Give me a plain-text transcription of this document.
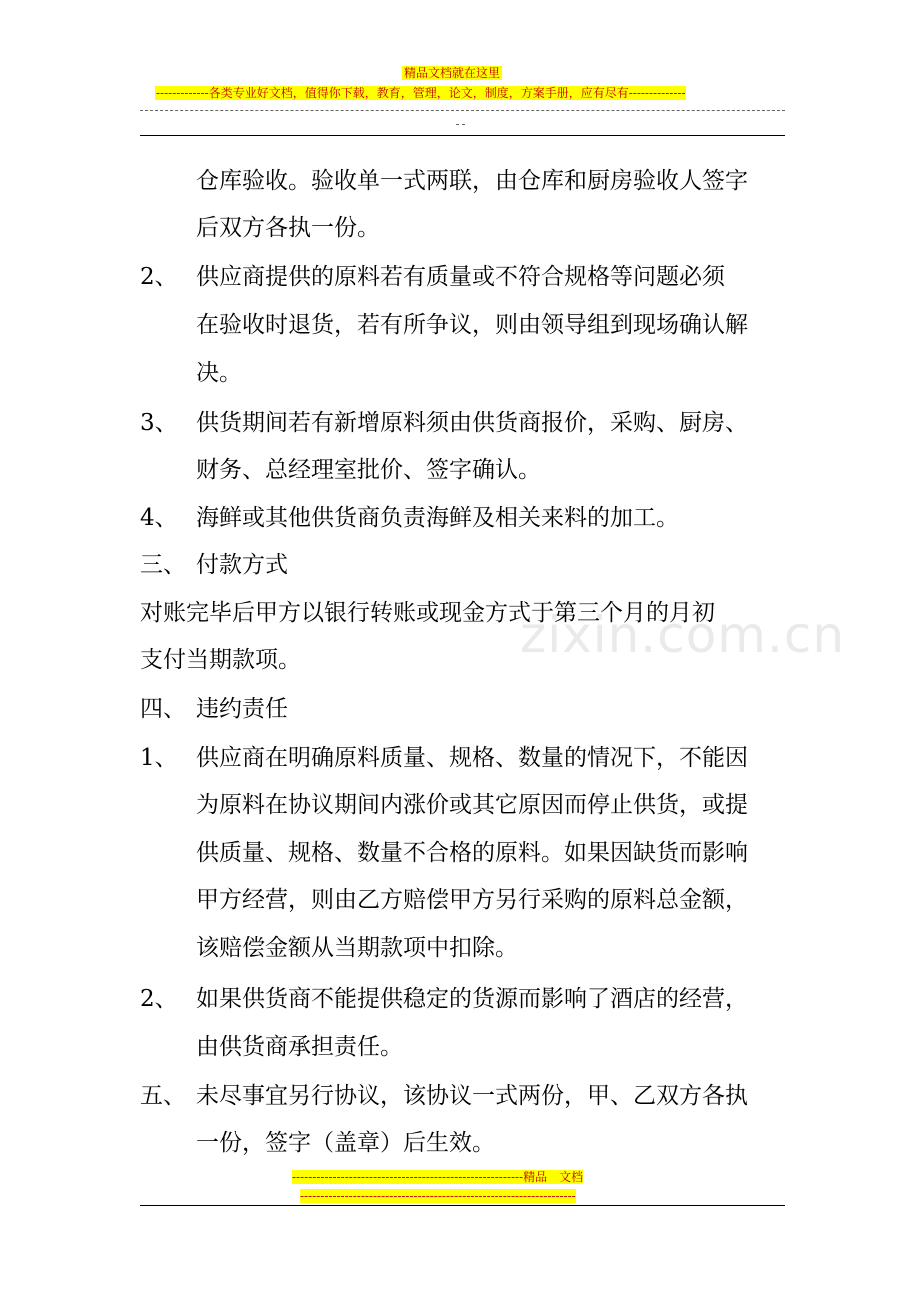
精品文档就在这里
-------------各类专业好文档，值得你下载，教育，管理，论文，制度，方案手册，应有尽有--------------
zixin.com.cn
仓库验收。验收单一式两联，由仓库和厨房验收人签字
后双方各执一份。
2、 供应商提供的原料若有质量或不符合规格等问题必须
在验收时退货，若有所争议，则由领导组到现场确认解
决。
3、 供货期间若有新增原料须由供货商报价，采购、厨房、
财务、总经理室批价、签字确认。
4、 海鲜或其他供货商负责海鲜及相关来料的加工。
三、 付款方式
对账完毕后甲方以银行转账或现金方式于第三个月的月初
支付当期款项。
四、 违约责任
1、 供应商在明确原料质量、规格、数量的情况下，不能因
为原料在协议期间内涨价或其它原因而停止供货，或提
供质量、规格、数量不合格的原料。如果因缺货而影响
甲方经营，则由乙方赔偿甲方另行采购的原料总金额，
该赔偿金额从当期款项中扣除。
2、 如果供货商不能提供稳定的货源而影响了酒店的经营，
由供货商承担责任。
五、 未尽事宜另行协议，该协议一式两份，甲、乙双方各执
一份，签字（盖章）后生效。
---------------------------------------------------------精品　文档
--------------------------------------------------------------------
